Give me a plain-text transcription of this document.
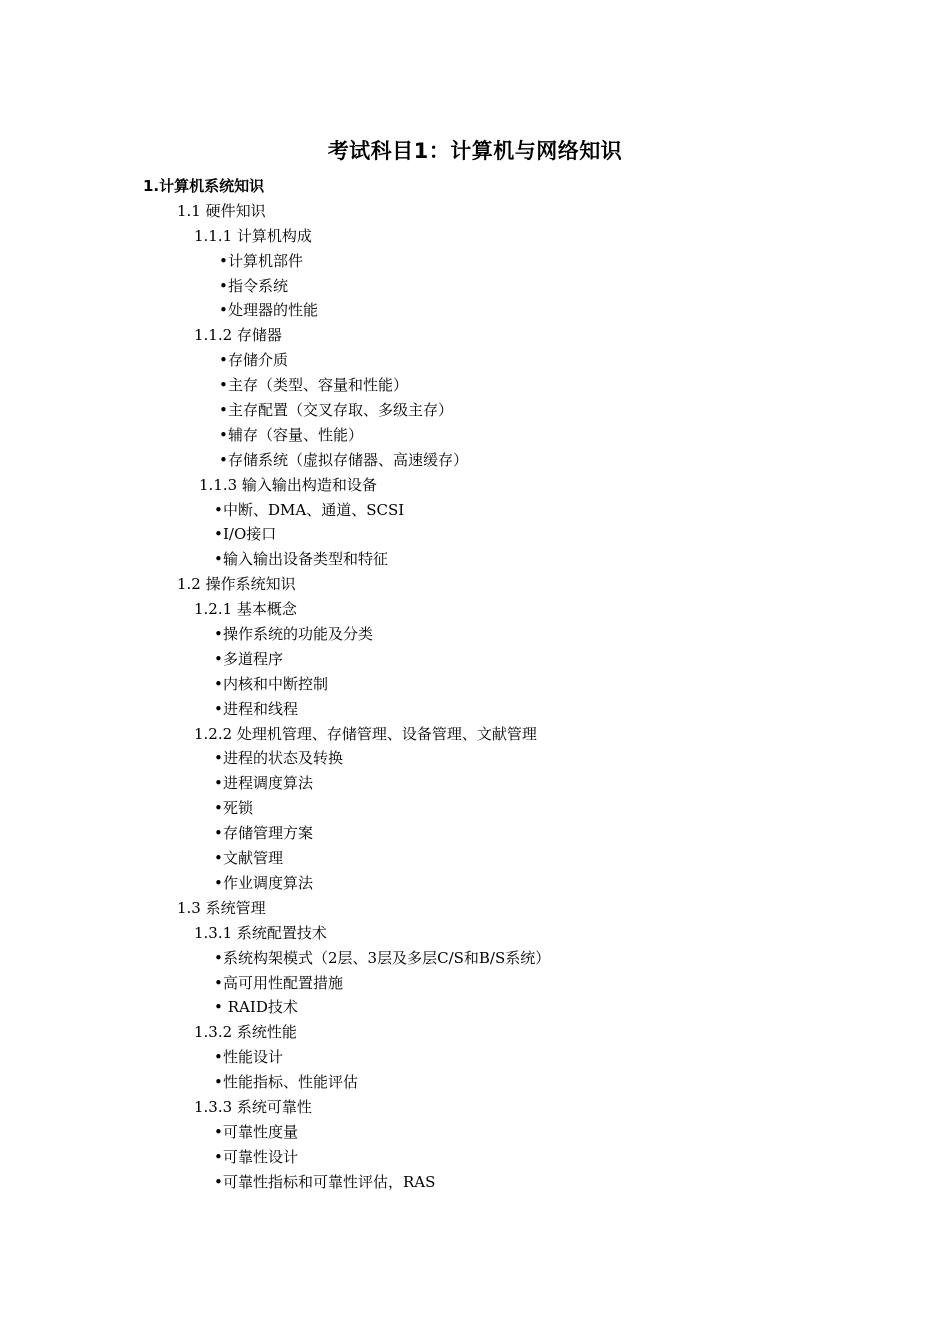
考试科目1：计算机与网络知识
1.计算机系统知识
1.1 硬件知识
1.1.1 计算机构成
•计算机部件
•指令系统
•处理器的性能
1.1.2 存储器
•存储介质
•主存（类型、容量和性能）
•主存配置（交叉存取、多级主存）
•辅存（容量、性能）
•存储系统（虚拟存储器、高速缓存）
1.1.3 输入输出构造和设备
•中断、DMA、通道、SCSI
•I/O接口
•输入输出设备类型和特征
1.2 操作系统知识
1.2.1 基本概念
•操作系统的功能及分类
•多道程序
•内核和中断控制
•进程和线程
1.2.2 处理机管理、存储管理、设备管理、文献管理
•进程的状态及转换
•进程调度算法
•死锁
•存储管理方案
•文献管理
•作业调度算法
1.3 系统管理
1.3.1 系统配置技术
•系统构架模式（2层、3层及多层C/S和B/S系统）
•高可用性配置措施
• RAID技术
1.3.2 系统性能
•性能设计
•性能指标、性能评估
1.3.3 系统可靠性
•可靠性度量
•可靠性设计
•可靠性指标和可靠性评估，RAS
